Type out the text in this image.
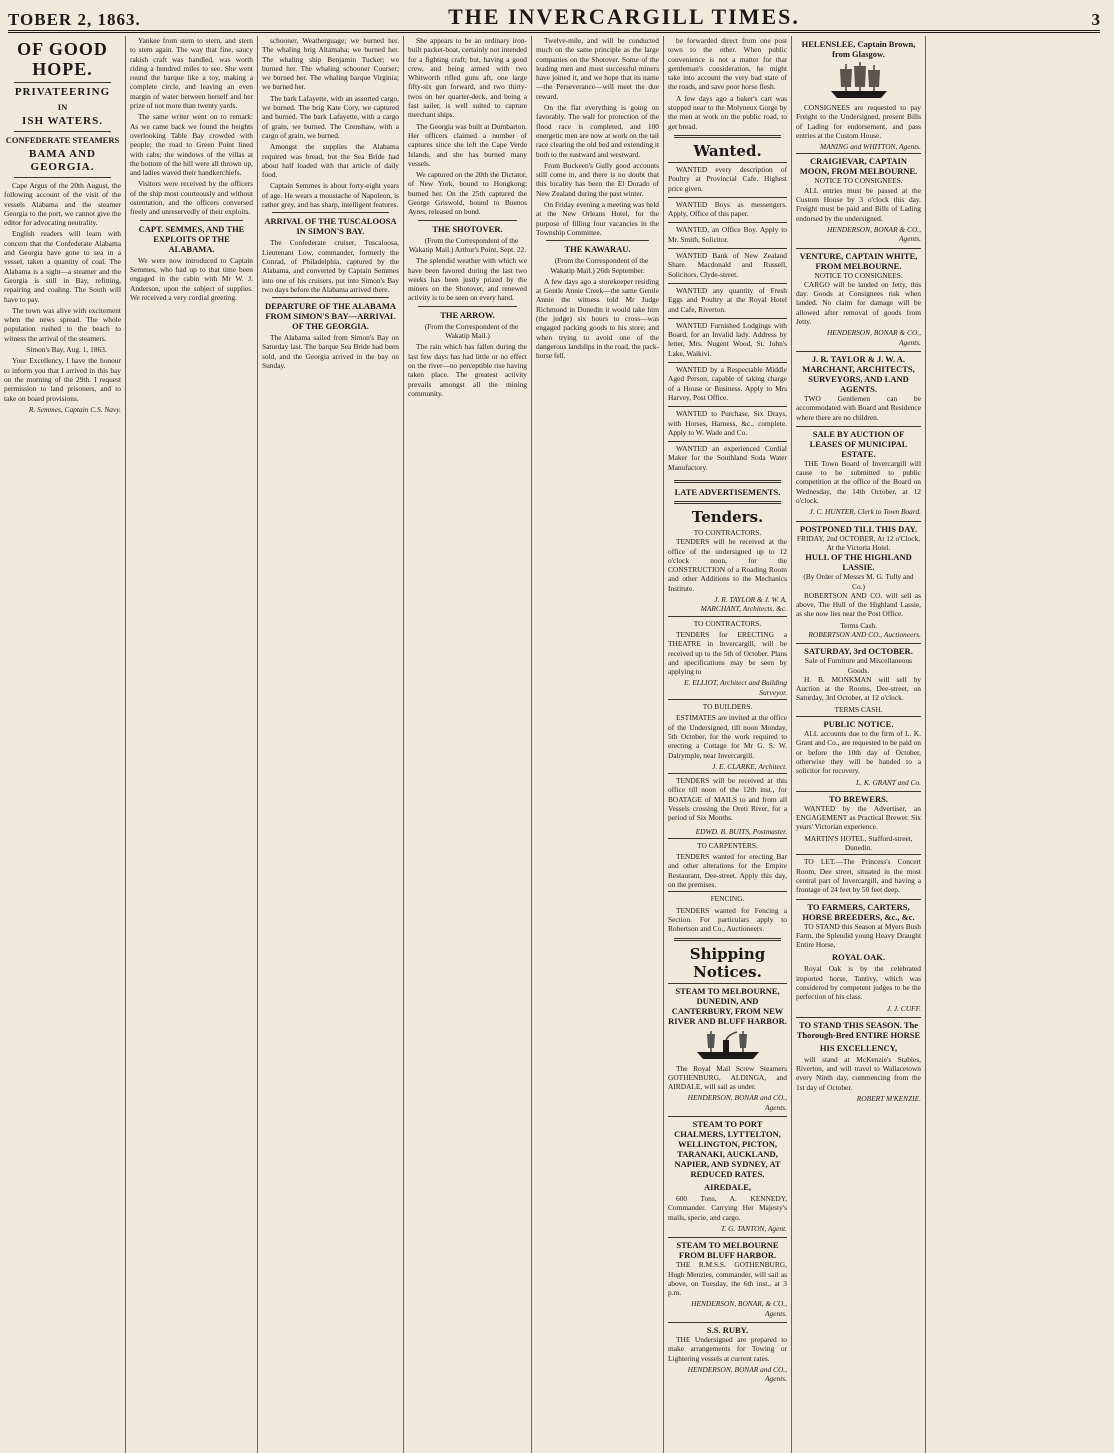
TOBER 2, 1863.	THE INVERCARGILL TIMES.	3
OF GOOD HOPE.
PRIVATEERING
IN
ISH WATERS.
CONFEDERATE STEAMERS
BAMA AND GEORGIA.

Cape Argus of the 20th August, the following account of the visit of the vessels Alabama and the steamer Georgia to the port, we cannot give the editor for advocating neutrality.

English readers will learn with concern that the Confederate Alabama and Georgia have gone to sea in a vessel, taken a quantity of coal. The Alabama is a sight—a steamer and the Georgia is still in Bay, refitting, repairing and coaling. The South will have to pay.

The town was alive with excitement when the news spread. The whole population rushed to the beach to witness the arrival of the steamers.

Simon's Bay, Aug. 1, 1863.

Your Excellency, I have the honour to inform you that I arrived in this bay on the morning of the 29th. I request permission to land prisoners, and to take on board provisions.

R. Semmes, Captain C.S. Navy.

Yankee from stem to stern, and stern to stem again. The way that fine, saucy rakish craft was handled, was worth riding a hundred miles to see. She went round the barque like a toy, making a complete circle, and leaving an even margin of water between herself and her prize of not more than twenty yards.

The same writer went on to remark: As we came back we found the heights overlooking Table Bay crowded with people; the road to Green Point lined with cabs; the windows of the villas at the bottom of the hill were all thrown up, and ladies waved their handkerchiefs.

Visitors were received by the officers of the ship most courteously and without ostentation, and the officers conversed freely and unreservedly of their exploits.

CAPT. SEMMES, AND THE EXPLOITS OF THE ALABAMA.

We were now introduced to Captain Semmes, who had up to that time been engaged in the cabin with Mr W. J. Anderson, upon the subject of supplies. We received a very cordial greeting.

schooner, Weatherguage; we burned her. The whaling brig Altamaha; we burned her. The whaling ship Benjamin Tucker; we burned her. The whaling schooner Courser; we burned her. The whaling barque Virginia; we burned her.

The bark Lafayette, with an assorted cargo, we burned. The brig Kate Cory, we captured and burned. The bark Lafayette, with a cargo of grain, we burned. The Crenshaw, with a cargo of grain, we burned.

Amongst the supplies the Alabama required was bread, but the Sea Bride had about half loaded with that article of daily food.

Captain Semmes is about forty-eight years of age. He wears a moustache of Napoleon, is rather grey, and has sharp, intelligent features.

ARRIVAL OF THE TUSCALOOSA IN SIMON'S BAY.

The Confederate cruiser, Tuscaloosa, Lieutenant Low, commander, formerly the Conrad, of Philadelphia, captured by the Alabama, and converted by Captain Semmes into one of his cruisers, put into Simon's Bay two days before the Alabama arrived there.

DEPARTURE OF THE ALABAMA FROM SIMON'S BAY—ARRIVAL OF THE GEORGIA.

The Alabama sailed from Simon's Bay on Saturday last. The barque Sea Bride had been sold, and the Georgia arrived in the bay on Sunday.

She appears to be an ordinary iron-built packet-boat, certainly not intended for a fighting craft; but, having a good crew, and being armed with two Whitworth rifled guns aft, one large fifty-six gun forward, and two thirty-twos on her quarter-deck, and being a fast sailer, is well suited to capture merchant ships.

The Georgia was built at Dumbarton. Her officers claimed a number of captures since she left the Cape Verde Islands, and she has burned many vessels.

We captured on the 20th the Dictator, of New York, bound to Hongkong; burned her. On the 25th captured the George Griswold, bound to Buenos Ayres, released on bond.

THE SHOTOVER.

(From the Correspondent of the Wakatip Mail.) Arthur's Point, Sept. 22.

The splendid weather with which we have been favored during the last two weeks has been justly prized by the miners on the Shotover, and renewed activity is to be seen on every hand.

THE ARROW.

(From the Correspondent of the Wakatip Mail.)

The rain which has fallen during the last few days has had little or no effect on the river—no perceptible rise having taken place. The greatest activity prevails amongst all the mining community.

Twelve-mile, and will be conducted much on the same principle as the large companies on the Shotover. Some of the leading men and most successful miners have joined it, and we hope that its name—the Perseverance—will meet the due reward.

On the flat everything is going on favorably. The wall for protection of the flood race is completed, and 100 energetic men are now at work on the tail race clearing the old bed and extending it both to the eastward and westward.

From Buckeen's Gully good accounts still come in, and there is no doubt that this locality has been the El Dorado of New Zealand during the past winter.

On Friday evening a meeting was held at the New Orleans Hotel, for the purpose of filling four vacancies in the Township Committee.

THE KAWARAU.

(From the Correspondent of the Wakatip Mail.) 26th September.

A few days ago a storekeeper residing at Gentle Annie Creek—the same Gentle Annie the witness told Mr Judge Richmond in Dunedin it would take him (the judge) six hours to cross—was engaged packing goods to his store; and when trying to avoid one of the dangerous landslips in the road, the pack-horse fell.

be forwarded direct from one post town to the other. When public convenience is not a matter for that gentleman's consideration, he might take into account the very bad state of the roads, and save poor horse flesh.

A few days ago a baker's cart was stopped near to the Molyneux Gorge by the men at work on the public road, to get bread.

Wanted.

WANTED every description of Poultry at Provincial Cafe. Highest price given.

WANTED Boys as messengers. Apply, Office of this paper.

WANTED, an Office Boy. Apply to Mr. Smith, Solicitor.

WANTED Bank of New Zealand Share. Macdonald and Russell, Solicitors, Clyde-street.

WANTED any quantity of Fresh Eggs and Poultry at the Royal Hotel and Cafe, Riverton.

WANTED Furnished Lodgings with Board, for an Invalid lady. Address by letter, Mrs. Nugent Wood, St. John's Lake, Waikivi.

WANTED by a Respectable Middle Aged Person, capable of taking charge of a House or Business. Apply to Mrs Harvey, Post Office.

WANTED to Purchase, Six Drays, with Horses, Harness, &c., complete. Apply to W. Wade and Co.

WANTED an experienced Cordial Maker for the Southland Soda Water Manufactory.

LATE ADVERTISEMENTS.
Tenders.
TO CONTRACTORS.

TENDERS will be received at the office of the undersigned up to 12 o'clock noon, for the CONSTRUCTION of a Roading Room and other Additions to the Mechanics Institute.

J. R. TAYLOR & J. W. A. MARCHANT, Architects, &c.

TO CONTRACTORS.

TENDERS for ERECTING a THEATRE in Invercargill, will be received up to the 5th of October. Plans and specifications may be seen by applying to

E. ELLIOT, Architect and Building Surveyor.

TO BUILDERS.

ESTIMATES are invited at the office of the Undersigned, till noon Monday, 5th October, for the work required to erecting a Cottage for Mr G. S. W. Dalrymple, near Invercargill.

J. E. CLARKE, Architect.

TENDERS will be received at this office till noon of the 12th inst., for BOATAGE of MAILS to and from all Vessels crossing the Oreti River, for a period of Six Months.

EDWD. B. BUITS, Postmaster.

TO CARPENTERS.

TENDERS wanted for erecting Bar and other alterations for the Empire Restaurant, Dee-street. Apply this day, on the premises.

FENCING.

TENDERS wanted for Fencing a Section. For particulars apply to Robertson and Co., Auctioneers.

Shipping Notices.
STEAM TO MELBOURNE, DUNEDIN, AND CANTERBURY, FROM NEW RIVER AND BLUFF HARBOR.

The Royal Mail Screw Steamers GOTHENBURG, ALDINGA, and AIRDALE, will sail as under.

HENDERSON, BONAR and CO., Agents.

STEAM TO PORT CHALMERS, LYTTELTON, WELLINGTON, PICTON, TARANAKI, AUCKLAND, NAPIER, AND SYDNEY, AT REDUCED RATES.
AIREDALE,

600 Tons, A. KENNEDY, Commander. Carrying Her Majesty's mails, specie, and cargo.

T. G. TANTON, Agent.

STEAM TO MELBOURNE FROM BLUFF HARBOR.

THE R.M.S.S. GOTHENBURG, Hugh Menzies, commander, will sail as above, on Tuesday, the 6th inst., at 3 p.m.

HENDERSON, BONAR, & CO., Agents.

S.S. RUBY.

THE Undersigned are prepared to make arrangements for Towing or Lightering vessels at current rates.

HENDERSON, BONAR and CO., Agents.

HELENSLEE, Captain Brown, from Glasgow.

CONSIGNEES are requested to pay Freight to the Undersigned, present Bills of Lading for endorsement, and pass entries at the Custom House.

MANING and WHITTON, Agents.

CRAIGIEVAR, CAPTAIN MOON, FROM MELBOURNE.
NOTICE TO CONSIGNEES.

ALL entries must be passed at the Custom House by 3 o'clock this day. Freight must be paid and Bills of Lading endorsed by the undersigned.

HENDERSON, BONAR & CO., Agents.

VENTURE, CAPTAIN WHITE, FROM MELBOURNE.
NOTICE TO CONSIGNEES.

CARGO will be landed on Jetty, this day. Goods at Consignees risk when landed. No claim for damage will be allowed after removal of goods from Jetty.

HENDERSON, BONAR & CO., Agents.

J. R. TAYLOR & J. W. A. MARCHANT, ARCHITECTS, SURVEYORS, AND LAND AGENTS.

TWO Gentlemen can be accommodated with Board and Residence where there are no children.

SALE BY AUCTION OF LEASES OF MUNICIPAL ESTATE.

THE Town Board of Invercargill will cause to be submitted to public competition at the office of the Board on Wednesday, the 14th October, at 12 o'clock.

J. C. HUNTER, Clerk to Town Board.

POSTPONED TILL THIS DAY.
FRIDAY, 2nd OCTOBER, At 12 o'Clock, At the Victoria Hotel.
HULL OF THE HIGHLAND LASSIE.
(By Order of Messrs M. G. Tully and Co.)

ROBERTSON AND CO. will sell as above, The Hull of the Highland Lassie, as she now lies near the Post Office.

Terms Cash.

ROBERTSON AND CO., Auctioneers.

SATURDAY, 3rd OCTOBER.
Sale of Furniture and Miscellaneous Goods.

H. B. MONKMAN will sell by Auction at the Rooms, Dee-street, on Saturday, 3rd October, at 12 o'clock.

TERMS CASH.
PUBLIC NOTICE.

ALL accounts due to the firm of L. K. Grant and Co., are requested to be paid on or before the 10th day of October, otherwise they will be handed to a solicitor for recovery.

L. K. GRANT and Co.

TO BREWERS.

WANTED by the Advertiser, an ENGAGEMENT as Practical Brewer. Six years' Victorian experience.

MARTIN'S HOTEL, Stafford-street, Dunedin.

TO LET.—The Princess's Concert Room, Dee street, situated in the most central part of Invercargill, and having a frontage of 24 feet by 50 feet deep.

TO FARMERS, CARTERS, HORSE BREEDERS, &c., &c.

TO STAND this Season at Myers Bush Farm, the Splendid young Heavy Draught Entire Horse,

ROYAL OAK.

Royal Oak is by the celebrated imported horse, Tantivy, which was considered by competent judges to be the perfection of his class.

J. J. CUFF.

TO STAND THIS SEASON. The Thorough-Bred ENTIRE HORSE
HIS EXCELLENCY,

will stand at McKenzie's Stables, Riverton, and will travel to Wallacetown every Ninth day, commencing from the 1st day of October.

ROBERT M'KENZIE.
